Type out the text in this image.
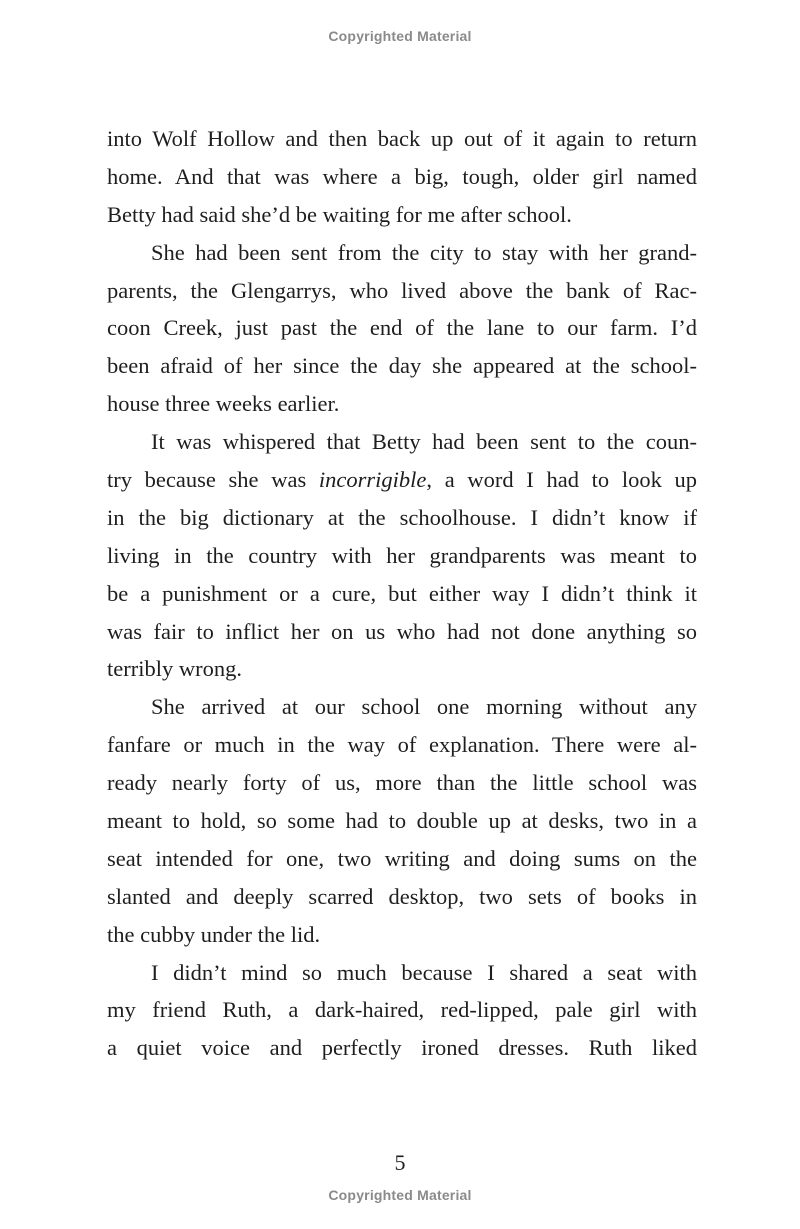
Copyrighted Material
into Wolf Hollow and then back up out of it again to return
home. And that was where a big, tough, older girl named
Betty had said she’d be waiting for me after school.
She had been sent from the city to stay with her grand-
parents, the Glengarrys, who lived above the bank of Rac-
coon Creek, just past the end of the lane to our farm. I’d
been afraid of her since the day she appeared at the school-
house three weeks earlier.
It was whispered that Betty had been sent to the coun-
try because she was incorrigible, a word I had to look up
in the big dictionary at the schoolhouse. I didn’t know if
living in the country with her grandparents was meant to
be a punishment or a cure, but either way I didn’t think it
was fair to inflict her on us who had not done anything so
terribly wrong.
She arrived at our school one morning without any
fanfare or much in the way of explanation. There were al-
ready nearly forty of us, more than the little school was
meant to hold, so some had to double up at desks, two in a
seat intended for one, two writing and doing sums on the
slanted and deeply scarred desktop, two sets of books in
the cubby under the lid.
I didn’t mind so much because I shared a seat with
my friend Ruth, a dark-haired, red-lipped, pale girl with
a quiet voice and perfectly ironed dresses. Ruth liked
5
Copyrighted Material
